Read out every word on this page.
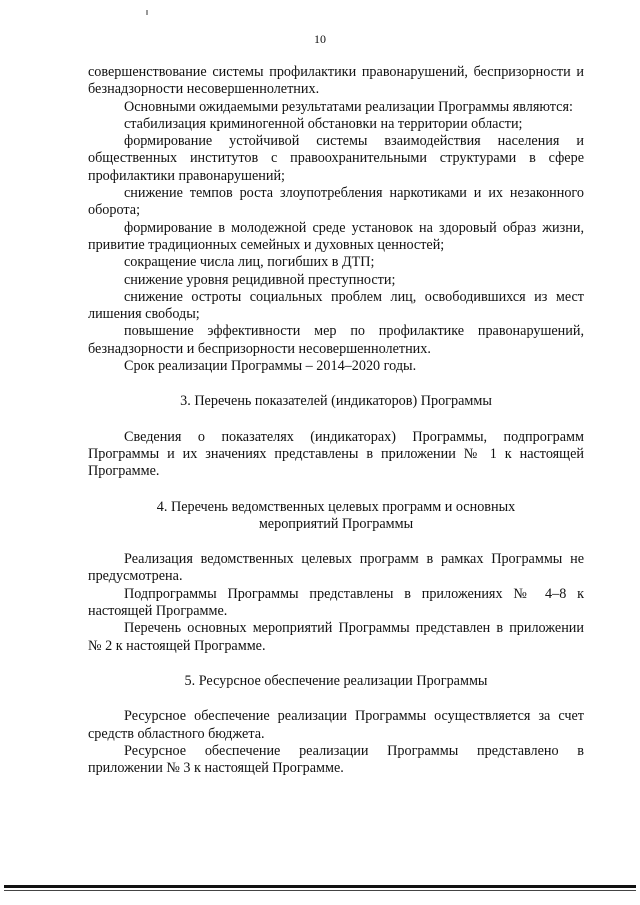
10

совершенствование системы профилактики правонарушений, беспризорности и безнадзорности несовершеннолетних.

Основными ожидаемыми результатами реализации Программы являются:

стабилизация криминогенной обстановки на территории области;

формирование устойчивой системы взаимодействия населения и общественных институтов с правоохранительными структурами в сфере профилактики правонарушений;

снижение темпов роста злоупотребления наркотиками и их незаконного оборота;

формирование в молодежной среде установок на здоровый образ жизни, привитие традиционных семейных и духовных ценностей;

сокращение числа лиц, погибших в ДТП;

снижение уровня рецидивной преступности;

снижение остроты социальных проблем лиц, освободившихся из мест лишения свободы;

повышение эффективности мер по профилактике правонарушений, безнадзорности и беспризорности несовершеннолетних.

Срок реализации Программы – 2014–2020 годы.

3. Перечень показателей (индикаторов) Программы

Сведения о показателях (индикаторах) Программы, подпрограмм Программы и их значениях представлены в приложении № 1 к настоящей Программе.

4. Перечень ведомственных целевых программ и основных
мероприятий Программы

Реализация ведомственных целевых программ в рамках Программы не предусмотрена.

Подпрограммы Программы представлены в приложениях № 4–8 к настоящей Программе.

Перечень основных мероприятий Программы представлен в приложении № 2 к настоящей Программе.

5. Ресурсное обеспечение реализации Программы

Ресурсное обеспечение реализации Программы осуществляется за счет средств областного бюджета.

Ресурсное обеспечение реализации Программы представлено в приложении № 3 к настоящей Программе.
